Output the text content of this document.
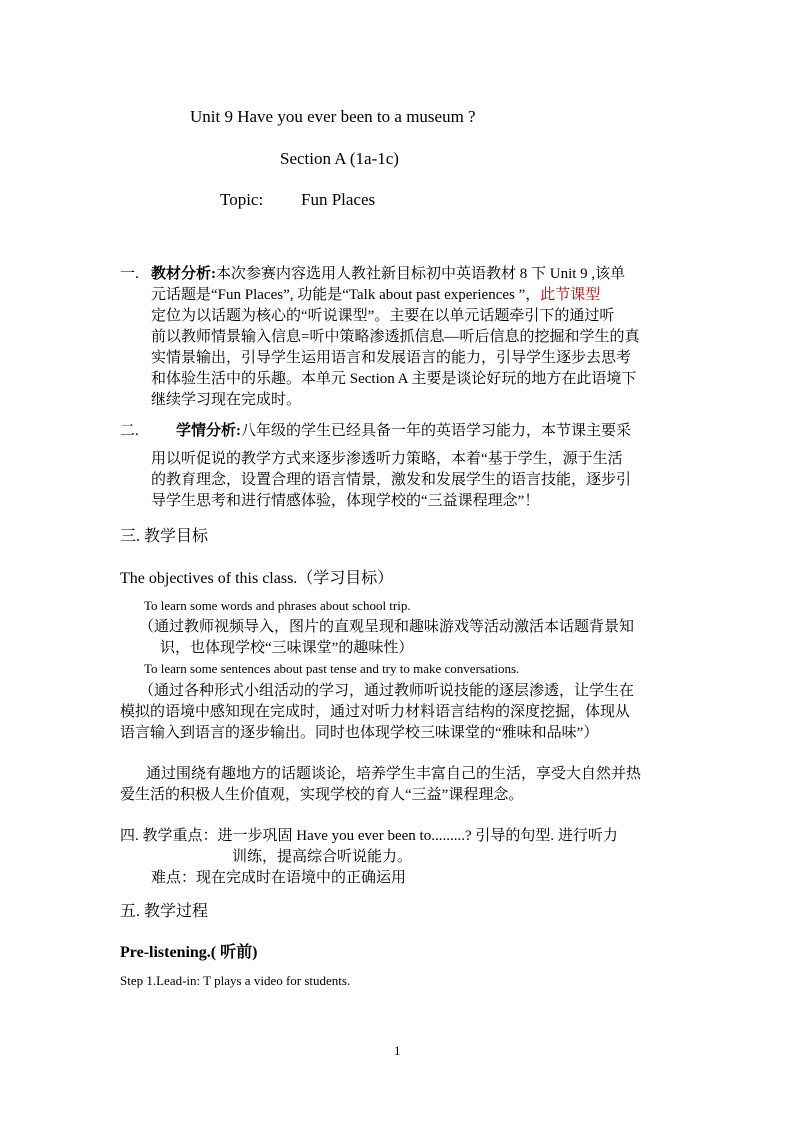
Unit 9 Have you ever been to a museum ?
Section A (1a-1c)
Topic: Fun Places
一. 教材分析:本次参赛内容选用人教社新目标初中英语教材 8 下 Unit 9 ,该单
元话题是“Fun Places”, 功能是“Talk about past experiences ”，此节课型
定位为以话题为核心的“听说课型”。主要在以单元话题牵引下的通过听
前以教师情景输入信息=听中策略渗透抓信息—听后信息的挖掘和学生的真
实情景输出，引导学生运用语言和发展语言的能力，引导学生逐步去思考
和体验生活中的乐趣。本单元 Section A 主要是谈论好玩的地方在此语境下
继续学习现在完成时。
二. 学情分析:八年级的学生已经具备一年的英语学习能力，本节课主要采
用以听促说的教学方式来逐步渗透听力策略，本着“基于学生，源于生活
的教育理念，设置合理的语言情景，激发和发展学生的语言技能，逐步引
导学生思考和进行情感体验，体现学校的“三益课程理念”！
三. 教学目标
The objectives of this class.（学习目标）
To learn some words and phrases about school trip.
（通过教师视频导入，图片的直观呈现和趣味游戏等活动激活本话题背景知
识，也体现学校“三味课堂”的趣味性）
To learn some sentences about past tense and try to make conversations.
（通过各种形式小组活动的学习，通过教师听说技能的逐层渗透，让学生在
模拟的语境中感知现在完成时，通过对听力材料语言结构的深度挖掘，体现从
语言输入到语言的逐步输出。同时也体现学校三味课堂的“雅味和品味”）
通过围绕有趣地方的话题谈论，培养学生丰富自己的生活，享受大自然并热
爱生活的积极人生价值观，实现学校的育人“三益”课程理念。
四. 教学重点：进一步巩固 Have you ever been to.........? 引导的句型. 进行听力
训练，提高综合听说能力。
难点：现在完成时在语境中的正确运用
五. 教学过程
Pre-listening.( 听前)
Step 1.Lead-in: T plays a video for students.
1
